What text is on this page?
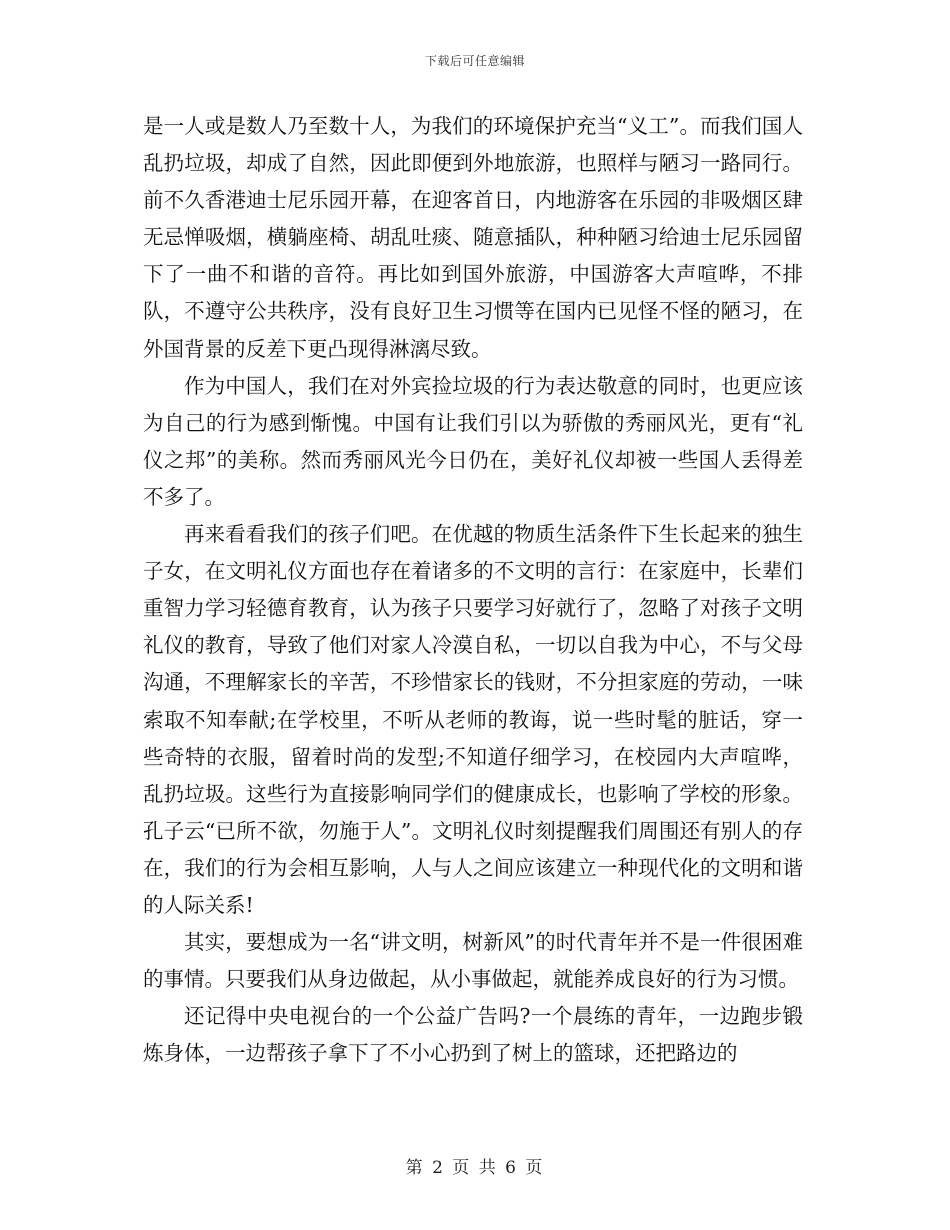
下载后可任意编辑

是一人或是数人乃至数十人，为我们的环境保护充当“义工”。而我们国人乱扔垃圾，却成了自然，因此即便到外地旅游，也照样与陋习一路同行。前不久香港迪士尼乐园开幕，在迎客首日，内地游客在乐园的非吸烟区肆无忌惮吸烟，横躺座椅、胡乱吐痰、随意插队，种种陋习给迪士尼乐园留下了一曲不和谐的音符。再比如到国外旅游，中国游客大声喧哗，不排队，不遵守公共秩序，没有良好卫生习惯等在国内已见怪不怪的陋习，在外国背景的反差下更凸现得淋漓尽致。

作为中国人，我们在对外宾捡垃圾的行为表达敬意的同时，也更应该为自己的行为感到惭愧。中国有让我们引以为骄傲的秀丽风光，更有“礼仪之邦”的美称。然而秀丽风光今日仍在，美好礼仪却被一些国人丢得差不多了。

再来看看我们的孩子们吧。在优越的物质生活条件下生长起来的独生子女，在文明礼仪方面也存在着诸多的不文明的言行：在家庭中，长辈们重智力学习轻德育教育，认为孩子只要学习好就行了，忽略了对孩子文明礼仪的教育，导致了他们对家人冷漠自私，一切以自我为中心，不与父母沟通，不理解家长的辛苦，不珍惜家长的钱财，不分担家庭的劳动，一味索取不知奉献;在学校里，不听从老师的教诲，说一些时髦的脏话，穿一些奇特的衣服，留着时尚的发型;不知道仔细学习，在校园内大声喧哗，乱扔垃圾。这些行为直接影响同学们的健康成长，也影响了学校的形象。孔子云“已所不欲，勿施于人”。文明礼仪时刻提醒我们周围还有别人的存在，我们的行为会相互影响，人与人之间应该建立一种现代化的文明和谐的人际关系!

其实，要想成为一名“讲文明，树新风”的时代青年并不是一件很困难的事情。只要我们从身边做起，从小事做起，就能养成良好的行为习惯。

还记得中央电视台的一个公益广告吗?一个晨练的青年，一边跑步锻炼身体，一边帮孩子拿下了不小心扔到了树上的篮球，还把路边的

第 2 页 共 6 页
